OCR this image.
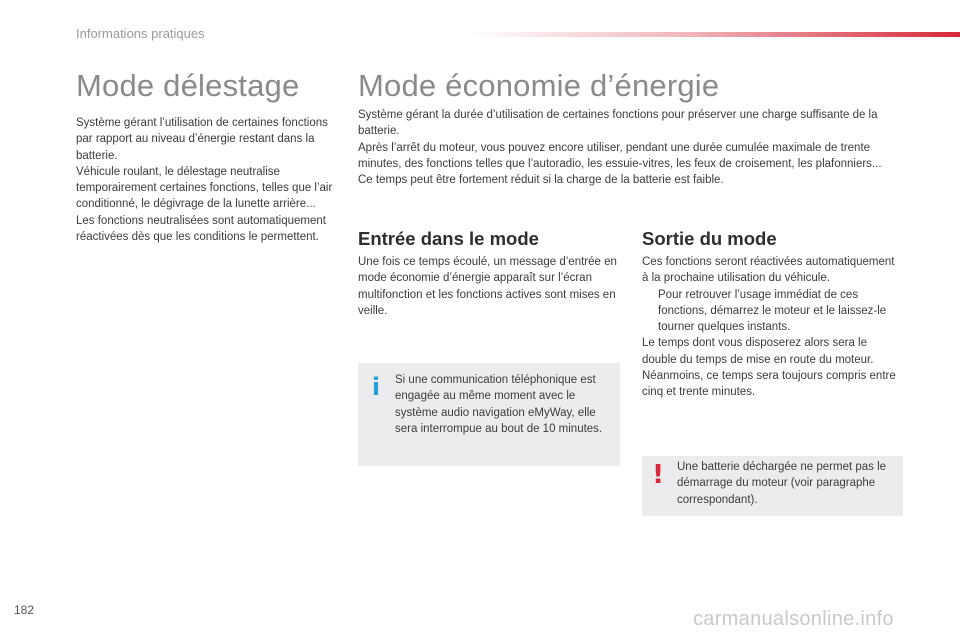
Informations pratiques
Mode délestage

Système gérant l’utilisation de certaines fonctions par rapport au niveau d’énergie restant dans la batterie.

Véhicule roulant, le délestage neutralise temporairement certaines fonctions, telles que l’air conditionné, le dégivrage de la lunette arrière...

Les fonctions neutralisées sont automatiquement réactivées dès que les conditions le permettent.

Mode économie d’énergie

Système gérant la durée d’utilisation de certaines fonctions pour préserver une charge suffisante de la batterie.

Après l’arrêt du moteur, vous pouvez encore utiliser, pendant une durée cumulée maximale de trente minutes, des fonctions telles que l’autoradio, les essuie-vitres, les feux de croisement, les plafonniers...

Ce temps peut être fortement réduit si la charge de la batterie est faible.

Entrée dans le mode

Une fois ce temps écoulé, un message d’entrée en mode économie d’énergie apparaît sur l’écran multifonction et les fonctions actives sont mises en veille.

i	Si une communication téléphonique est engagée au même moment avec le système audio navigation eMyWay, elle sera interrompue au bout de 10 minutes.
Sortie du mode

Ces fonctions seront réactivées automatiquement à la prochaine utilisation du véhicule.

Pour retrouver l’usage immédiat de ces fonctions, démarrez le moteur et le laissez-le tourner quelques instants.

Le temps dont vous disposerez alors sera le double du temps de mise en route du moteur. Néanmoins, ce temps sera toujours compris entre cinq et trente minutes.

! Une batterie déchargée ne permet pas le démarrage du moteur (voir paragraphe correspondant).
182	carmanualsonline.info
